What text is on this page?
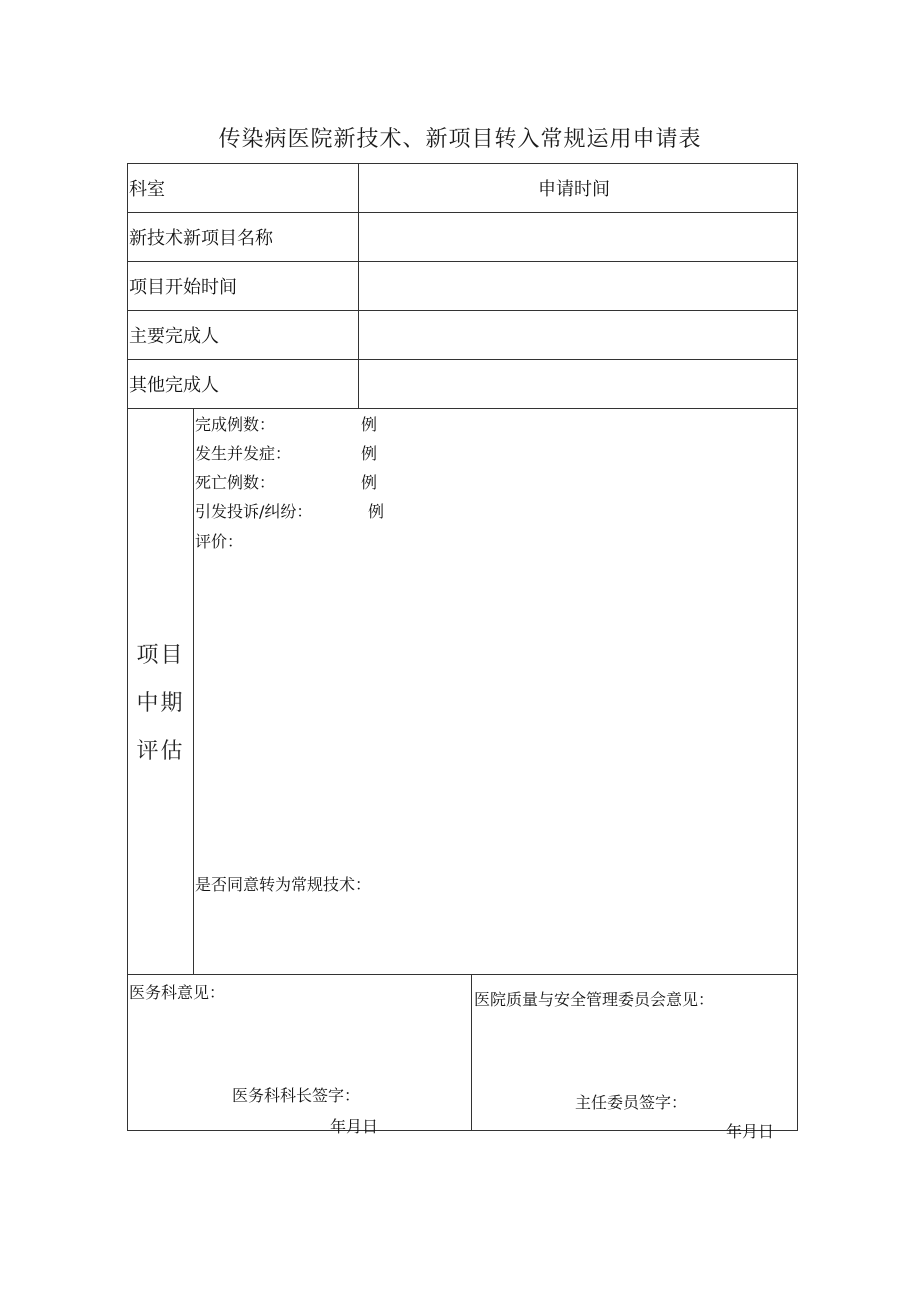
传染病医院新技术、新项目转入常规运用申请表
科室	申请时间
新技术新项目名称
项目开始时间
主要完成人
其他完成人
项目
中期
评估
完成例数：	例
发生并发症：	例
死亡例数：	例
引发投诉/纠纷：	例
评价：
是否同意转为常规技术：
医务科意见：
医务科科长签字：
年月日
医院质量与安全管理委员会意见：
主任委员签字：
年月日
